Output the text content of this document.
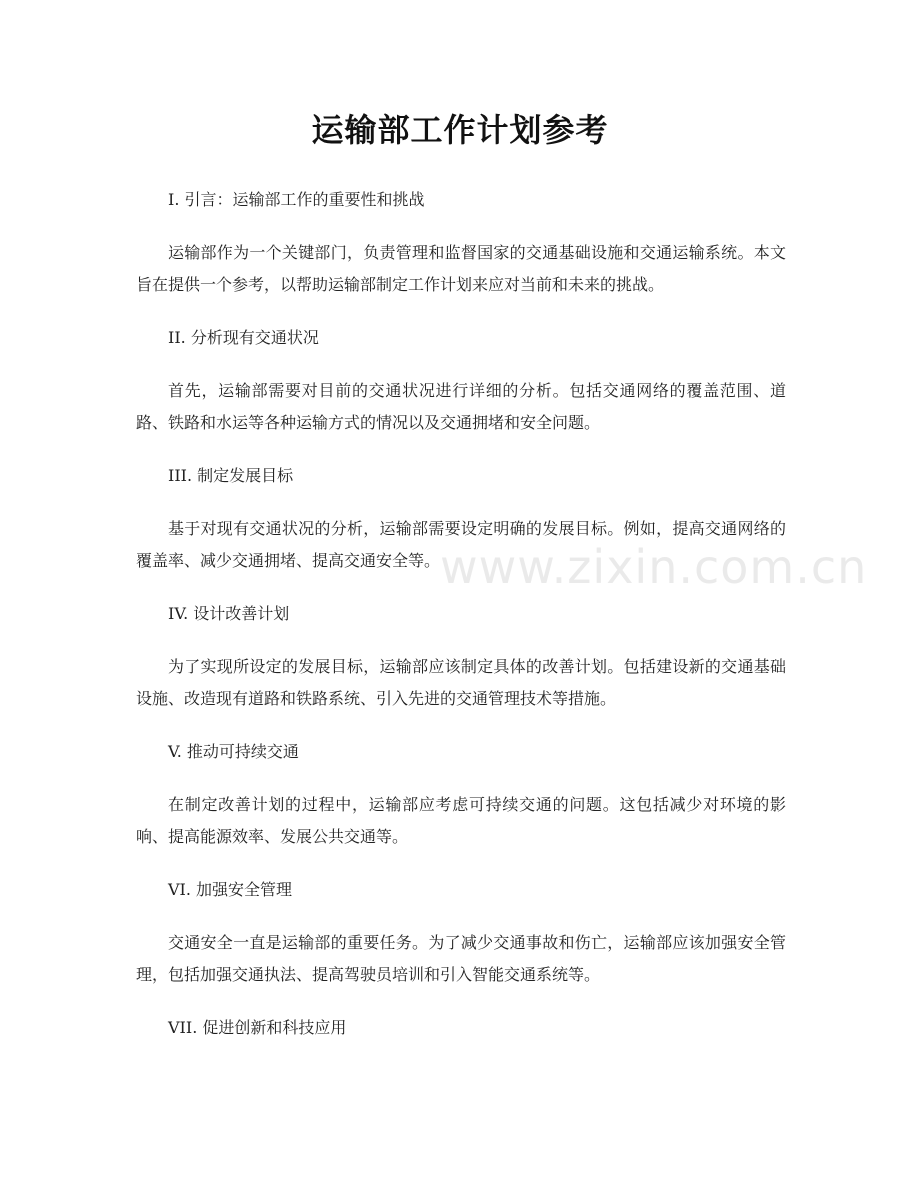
运输部工作计划参考
www.zixin.com.cn

I. 引言：运输部工作的重要性和挑战

运输部作为一个关键部门，负责管理和监督国家的交通基础设施和交通运输系统。本文旨在提供一个参考，以帮助运输部制定工作计划来应对当前和未来的挑战。

II. 分析现有交通状况

首先，运输部需要对目前的交通状况进行详细的分析。包括交通网络的覆盖范围、道路、铁路和水运等各种运输方式的情况以及交通拥堵和安全问题。

III. 制定发展目标

基于对现有交通状况的分析，运输部需要设定明确的发展目标。例如，提高交通网络的覆盖率、减少交通拥堵、提高交通安全等。

IV. 设计改善计划

为了实现所设定的发展目标，运输部应该制定具体的改善计划。包括建设新的交通基础设施、改造现有道路和铁路系统、引入先进的交通管理技术等措施。

V. 推动可持续交通

在制定改善计划的过程中，运输部应考虑可持续交通的问题。这包括减少对环境的影响、提高能源效率、发展公共交通等。

VI. 加强安全管理

交通安全一直是运输部的重要任务。为了减少交通事故和伤亡，运输部应该加强安全管理，包括加强交通执法、提高驾驶员培训和引入智能交通系统等。

VII. 促进创新和科技应用
